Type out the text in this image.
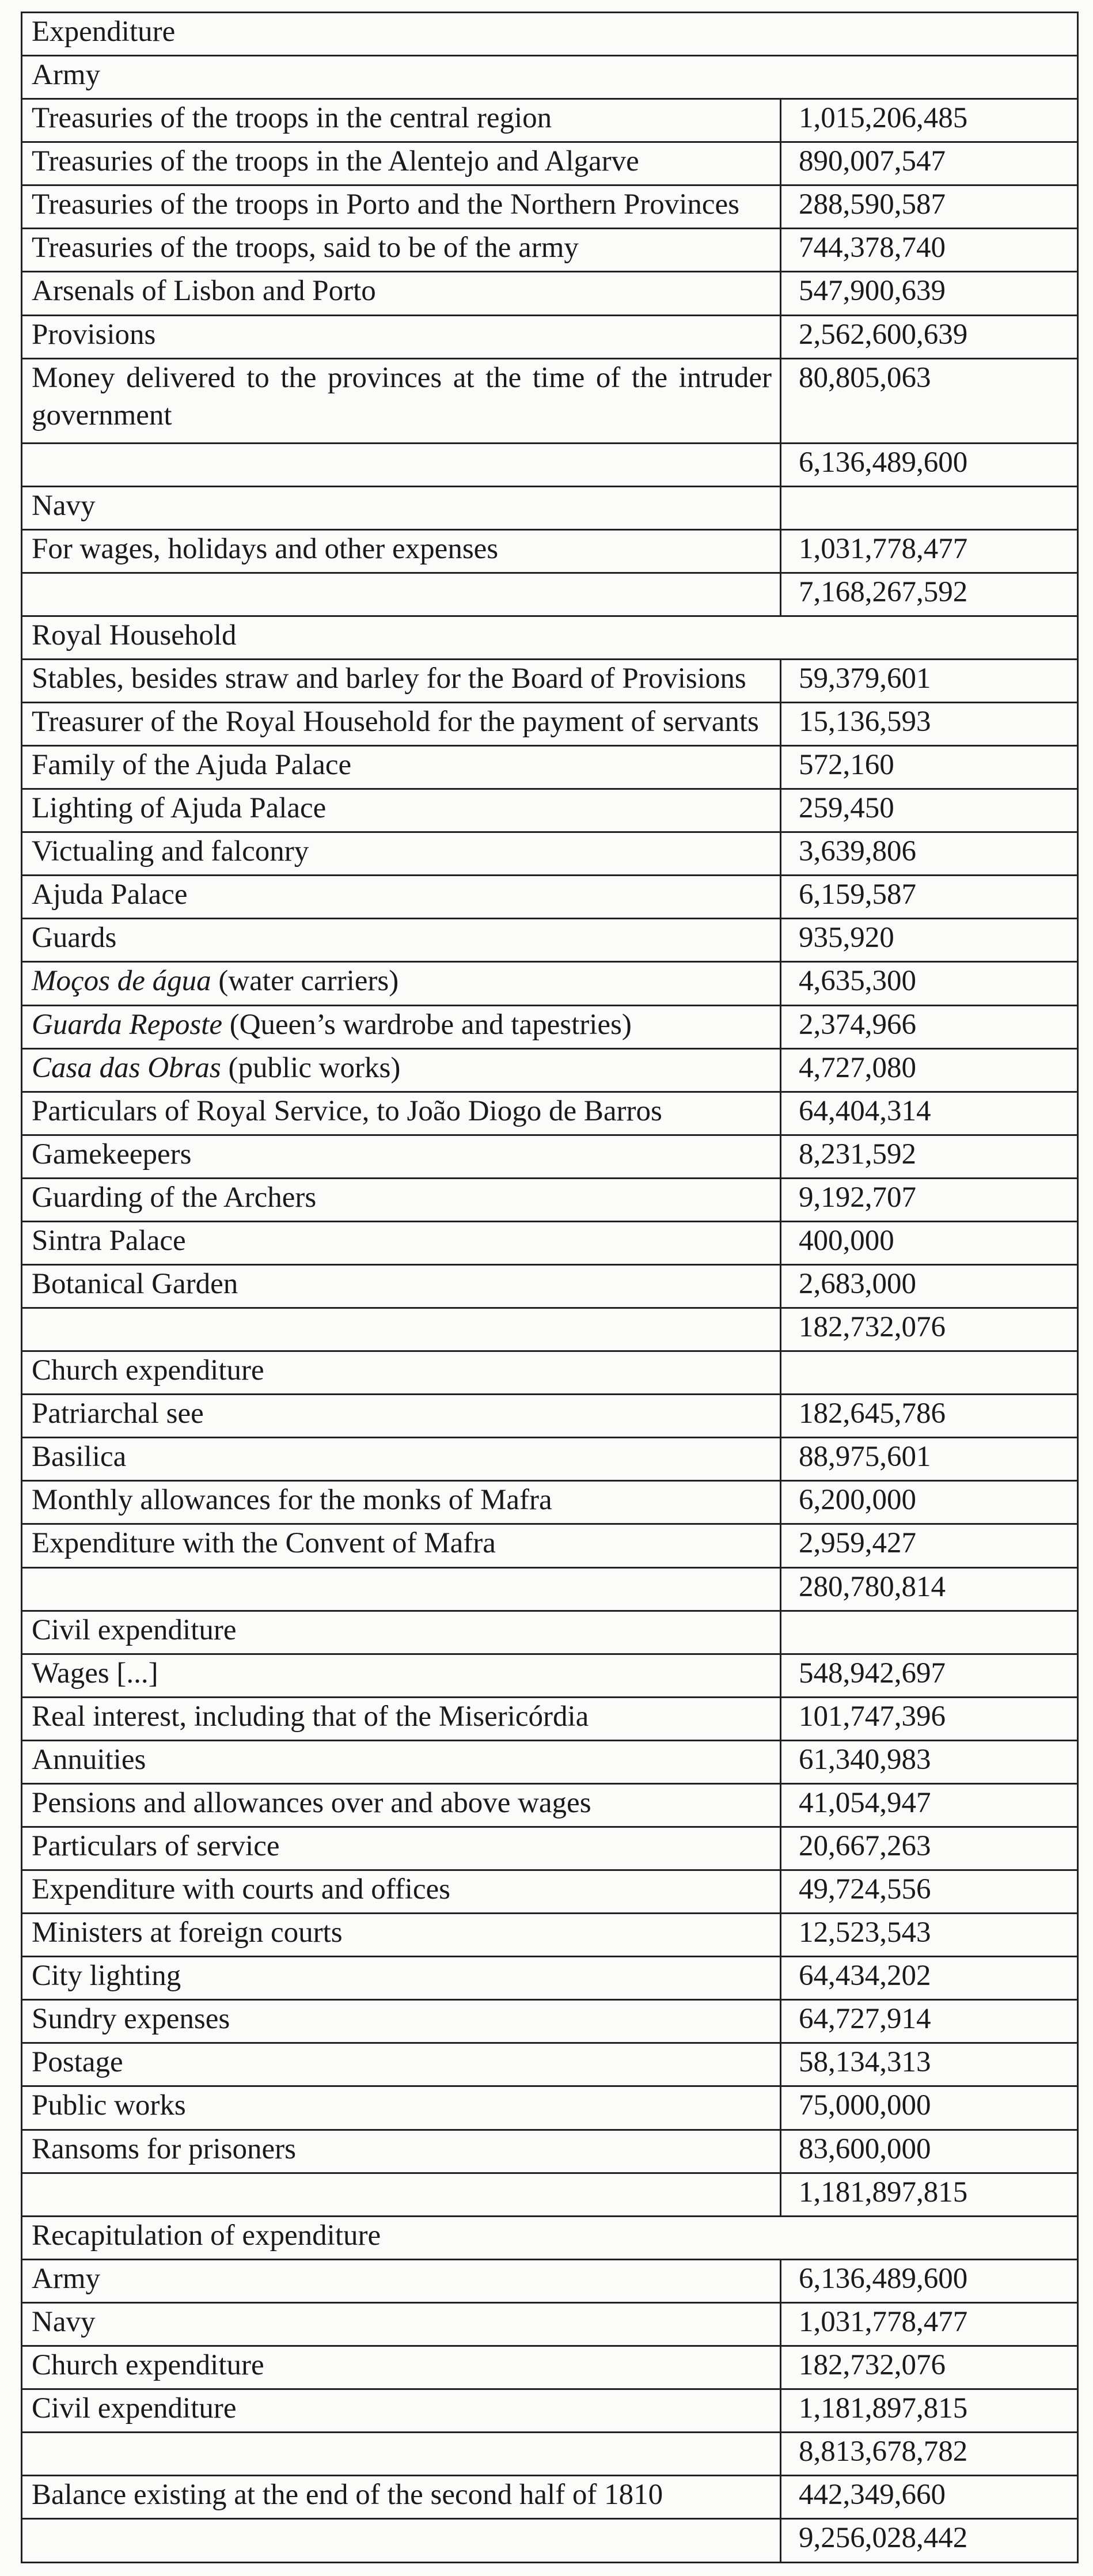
Expenditure	
Army	
Treasuries of the troops in the central region	1,015,206,485
Treasuries of the troops in the Alentejo and Algarve	890,007,547
Treasuries of the troops in Porto and the Northern Provinces	288,590,587
Treasuries of the troops, said to be of the army	744,378,740
Arsenals of Lisbon and Porto	547,900,639
Provisions	2,562,600,639
Money delivered to the provinces at the time of the intruder government	80,805,063
	6,136,489,600
Navy	
For wages, holidays and other expenses	1,031,778,477
	7,168,267,592
Royal Household	
Stables, besides straw and barley for the Board of Provisions	59,379,601
Treasurer of the Royal Household for the payment of servants	15,136,593
Family of the Ajuda Palace	572,160
Lighting of Ajuda Palace	259,450
Victualing and falconry	3,639,806
Ajuda Palace	6,159,587
Guards	935,920
Moços de água (water carriers)	4,635,300
Guarda Reposte (Queen’s wardrobe and tapestries)	2,374,966
Casa das Obras (public works)	4,727,080
Particulars of Royal Service, to João Diogo de Barros	64,404,314
Gamekeepers	8,231,592
Guarding of the Archers	9,192,707
Sintra Palace	400,000
Botanical Garden	2,683,000
	182,732,076
Church expenditure	
Patriarchal see	182,645,786
Basilica	88,975,601
Monthly allowances for the monks of Mafra	6,200,000
Expenditure with the Convent of Mafra	2,959,427
	280,780,814
Civil expenditure	
Wages [...]	548,942,697
Real interest, including that of the Misericórdia	101,747,396
Annuities	61,340,983
Pensions and allowances over and above wages	41,054,947
Particulars of service	20,667,263
Expenditure with courts and offices	49,724,556
Ministers at foreign courts	12,523,543
City lighting	64,434,202
Sundry expenses	64,727,914
Postage	58,134,313
Public works	75,000,000
Ransoms for prisoners	83,600,000
	1,181,897,815
Recapitulation of expenditure	
Army	6,136,489,600
Navy	1,031,778,477
Church expenditure	182,732,076
Civil expenditure	1,181,897,815
	8,813,678,782
Balance existing at the end of the second half of 1810	442,349,660
	9,256,028,442
